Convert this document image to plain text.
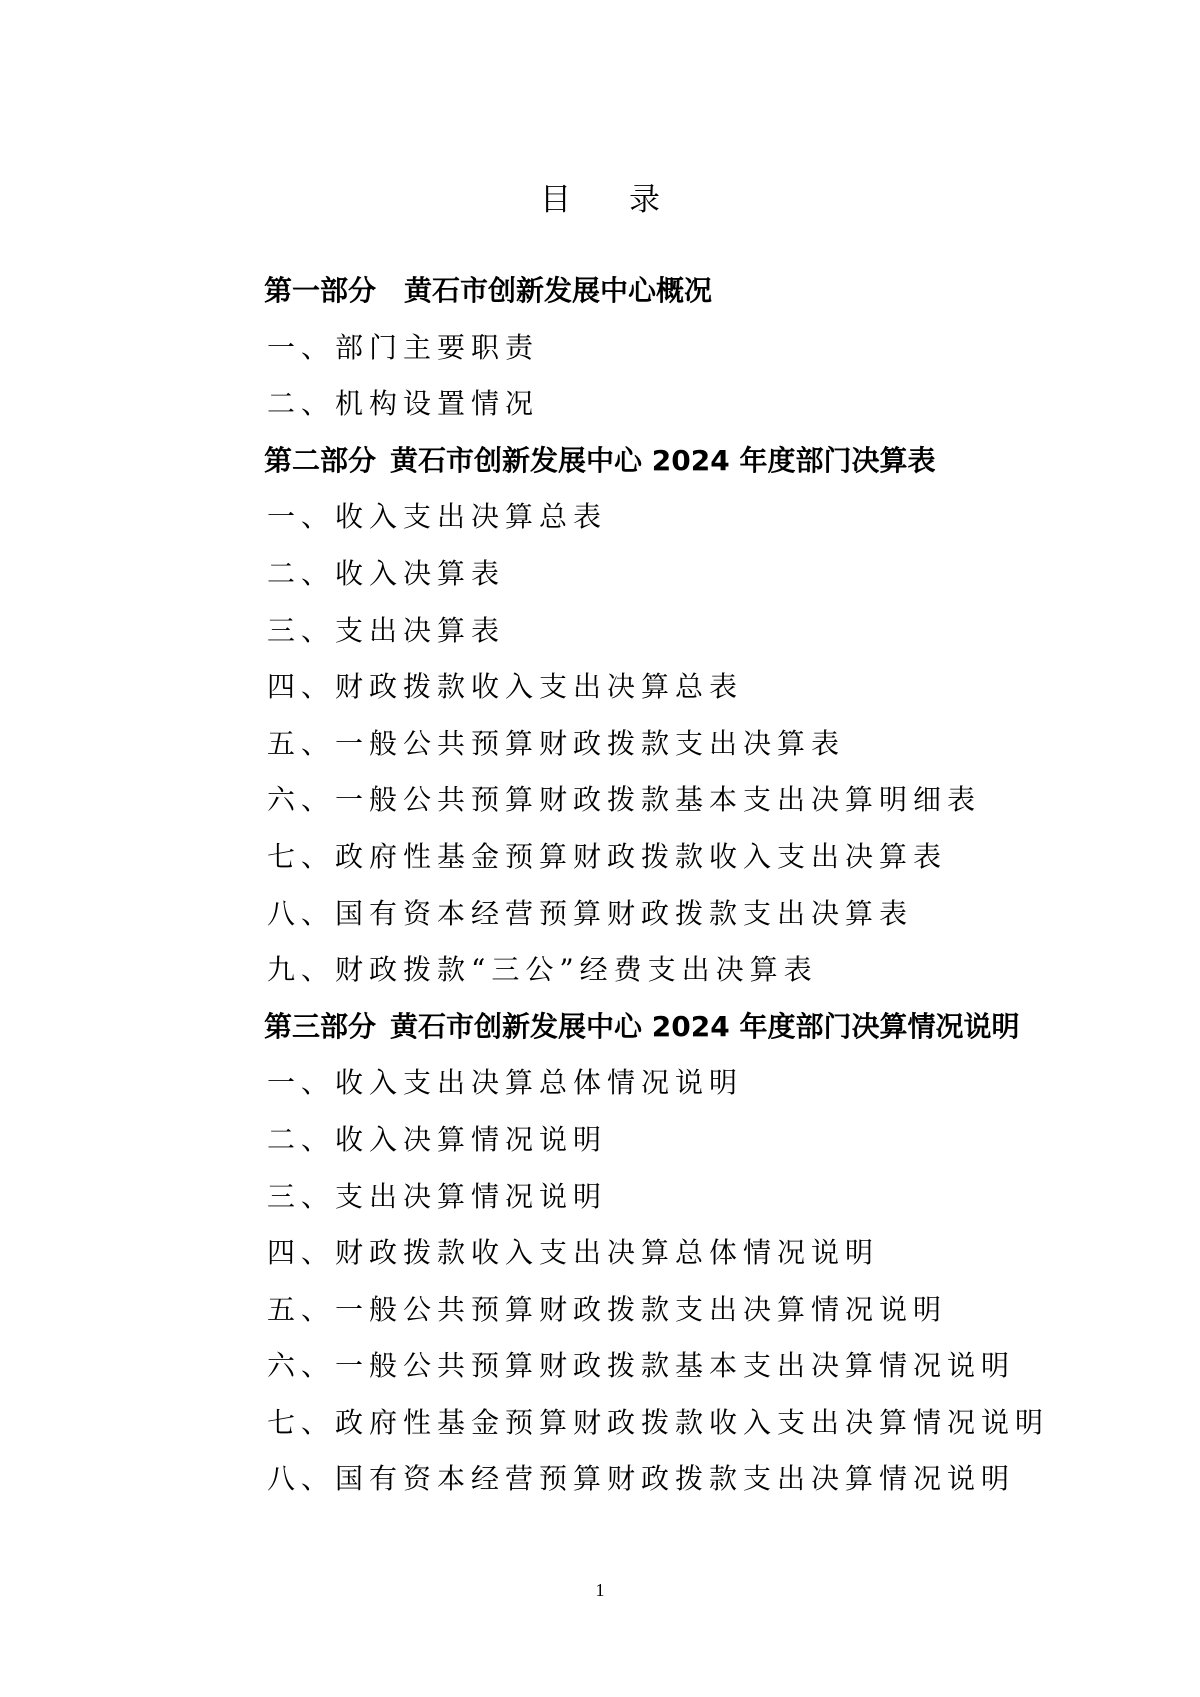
目录
第一部分 黄石市创新发展中心概况
一、部门主要职责
二、机构设置情况
第二部分 黄石市创新发展中心 2024 年度部门决算表
一、收入支出决算总表
二、收入决算表
三、支出决算表
四、财政拨款收入支出决算总表
五、一般公共预算财政拨款支出决算表
六、一般公共预算财政拨款基本支出决算明细表
七、政府性基金预算财政拨款收入支出决算表
八、国有资本经营预算财政拨款支出决算表
九、财政拨款“三公”经费支出决算表
第三部分 黄石市创新发展中心 2024 年度部门决算情况说明
一、收入支出决算总体情况说明
二、收入决算情况说明
三、支出决算情况说明
四、财政拨款收入支出决算总体情况说明
五、一般公共预算财政拨款支出决算情况说明
六、一般公共预算财政拨款基本支出决算情况说明
七、政府性基金预算财政拨款收入支出决算情况说明
八、国有资本经营预算财政拨款支出决算情况说明
1
